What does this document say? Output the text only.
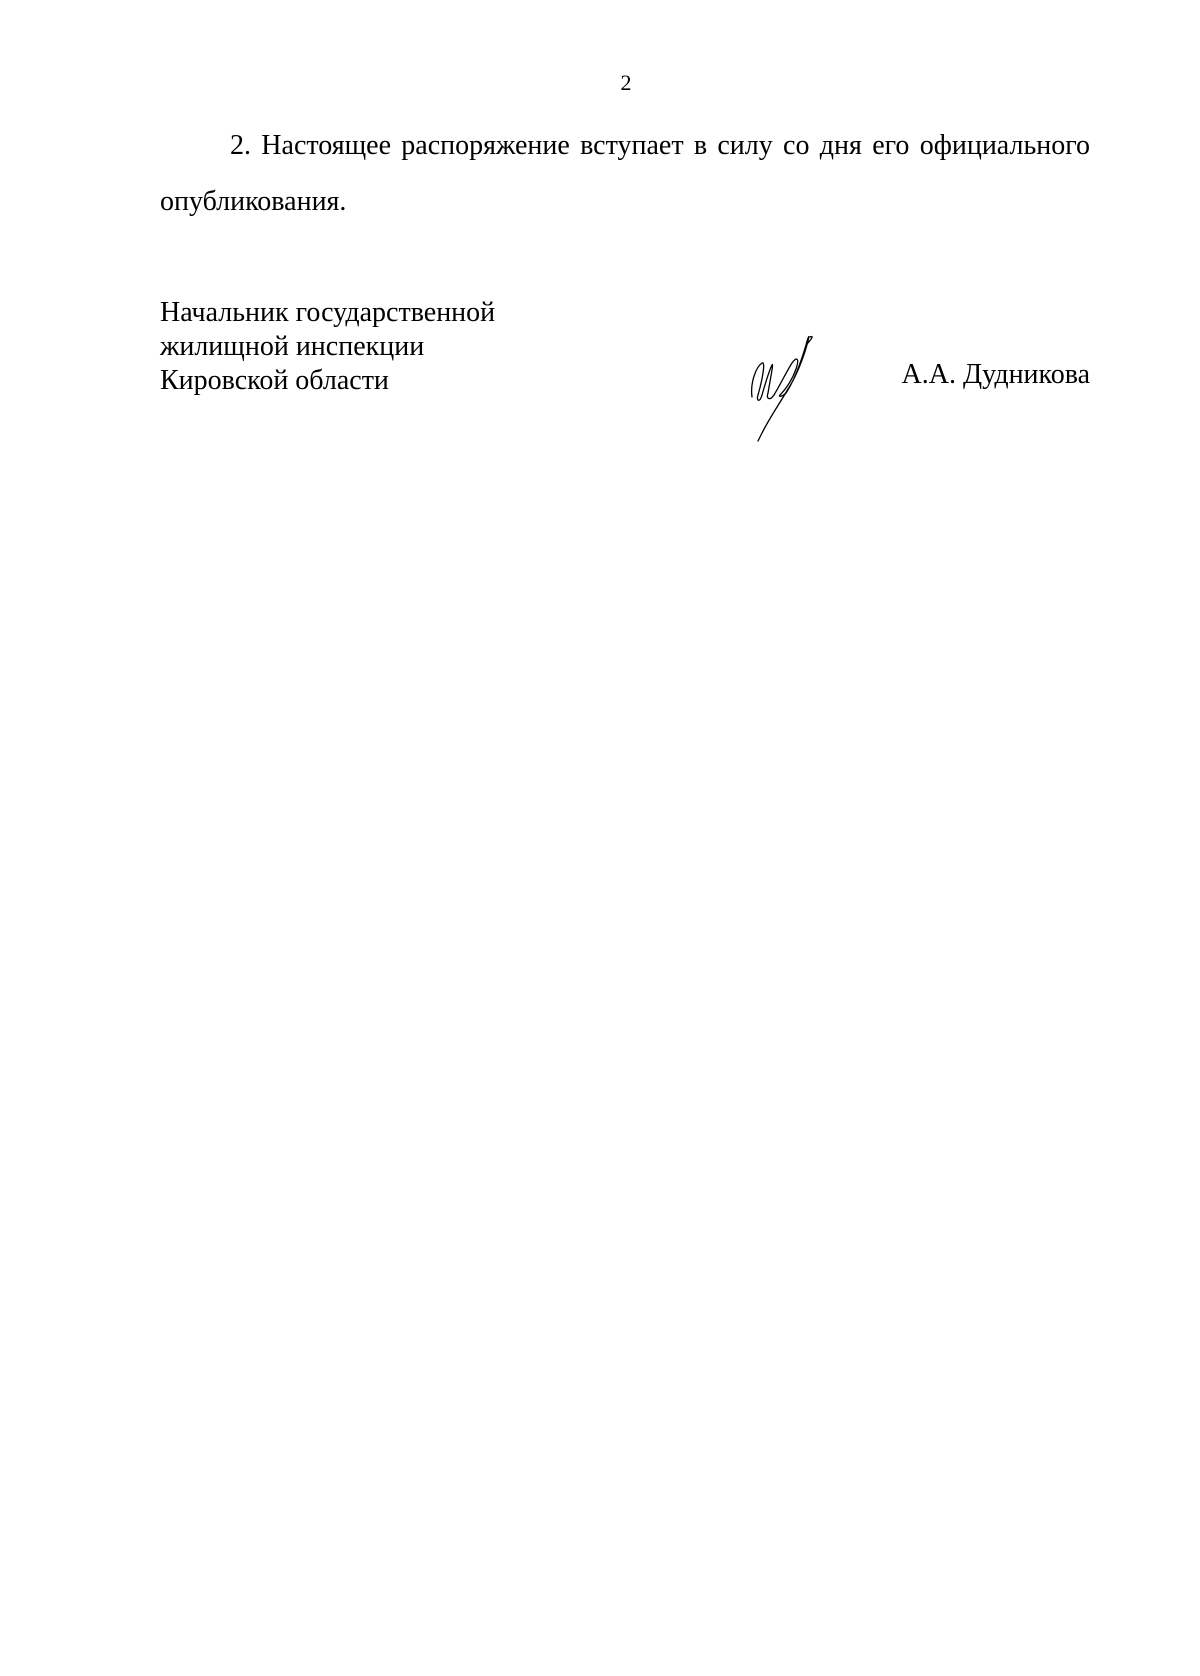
2

2. Настоящее распоряжение вступает в силу со дня его официального опубликования.

Начальник государственной
жилищной инспекции
Кировской области	А.А. Дудникова
